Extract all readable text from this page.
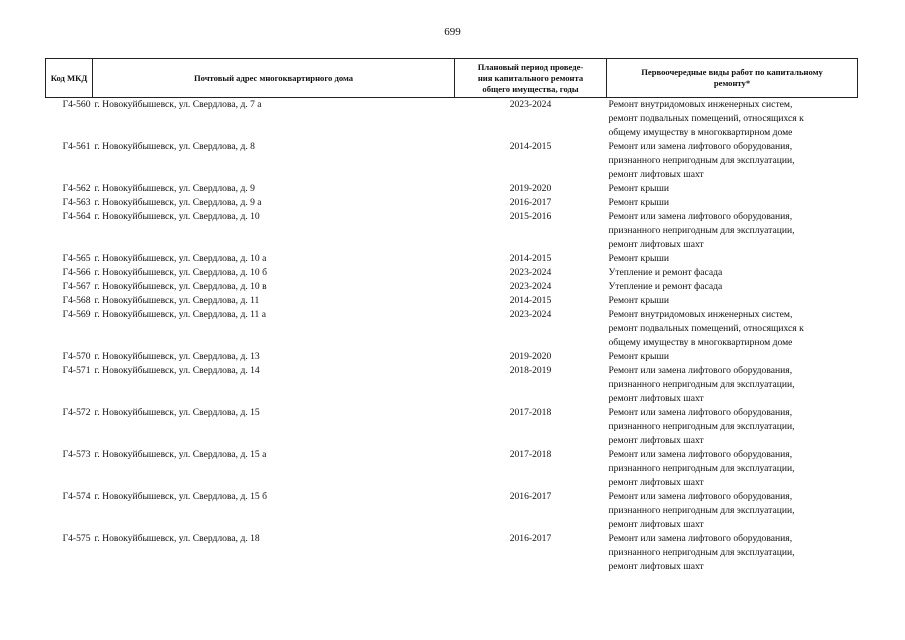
699
Код МКД	Почтовый адрес многоквартирного дома	Плановый период проведе-
ния капитального ремонта
общего имущества, годы	Первоочередные виды работ по капитальному
ремонту*

Г4-560	г. Новокуйбышевск, ул. Свердлова, д. 7 а	2023-2024	Ремонт внутридомовых инженерных систем,
ремонт подвальных помещений, относящихся к
общему имуществу в многоквартирном доме

Г4-561	г. Новокуйбышевск, ул. Свердлова, д. 8	2014-2015	Ремонт или замена лифтового оборудования,
признанного непригодным для эксплуатации,
ремонт лифтовых шахт

Г4-562	г. Новокуйбышевск, ул. Свердлова, д. 9	2019-2020	Ремонт крыши

Г4-563	г. Новокуйбышевск, ул. Свердлова, д. 9 а	2016-2017	Ремонт крыши

Г4-564	г. Новокуйбышевск, ул. Свердлова, д. 10	2015-2016	Ремонт или замена лифтового оборудования,
признанного непригодным для эксплуатации,
ремонт лифтовых шахт

Г4-565	г. Новокуйбышевск, ул. Свердлова, д. 10 а	2014-2015	Ремонт крыши

Г4-566	г. Новокуйбышевск, ул. Свердлова, д. 10 б	2023-2024	Утепление и ремонт фасада

Г4-567	г. Новокуйбышевск, ул. Свердлова, д. 10 в	2023-2024	Утепление и ремонт фасада

Г4-568	г. Новокуйбышевск, ул. Свердлова, д. 11	2014-2015	Ремонт крыши

Г4-569	г. Новокуйбышевск, ул. Свердлова, д. 11 а	2023-2024	Ремонт внутридомовых инженерных систем,
ремонт подвальных помещений, относящихся к
общему имуществу в многоквартирном доме

Г4-570	г. Новокуйбышевск, ул. Свердлова, д. 13	2019-2020	Ремонт крыши

Г4-571	г. Новокуйбышевск, ул. Свердлова, д. 14	2018-2019	Ремонт или замена лифтового оборудования,
признанного непригодным для эксплуатации,
ремонт лифтовых шахт

Г4-572	г. Новокуйбышевск, ул. Свердлова, д. 15	2017-2018	Ремонт или замена лифтового оборудования,
признанного непригодным для эксплуатации,
ремонт лифтовых шахт

Г4-573	г. Новокуйбышевск, ул. Свердлова, д. 15 а	2017-2018	Ремонт или замена лифтового оборудования,
признанного непригодным для эксплуатации,
ремонт лифтовых шахт

Г4-574	г. Новокуйбышевск, ул. Свердлова, д. 15 б	2016-2017	Ремонт или замена лифтового оборудования,
признанного непригодным для эксплуатации,
ремонт лифтовых шахт

Г4-575	г. Новокуйбышевск, ул. Свердлова, д. 18	2016-2017	Ремонт или замена лифтового оборудования,
признанного непригодным для эксплуатации,
ремонт лифтовых шахт
